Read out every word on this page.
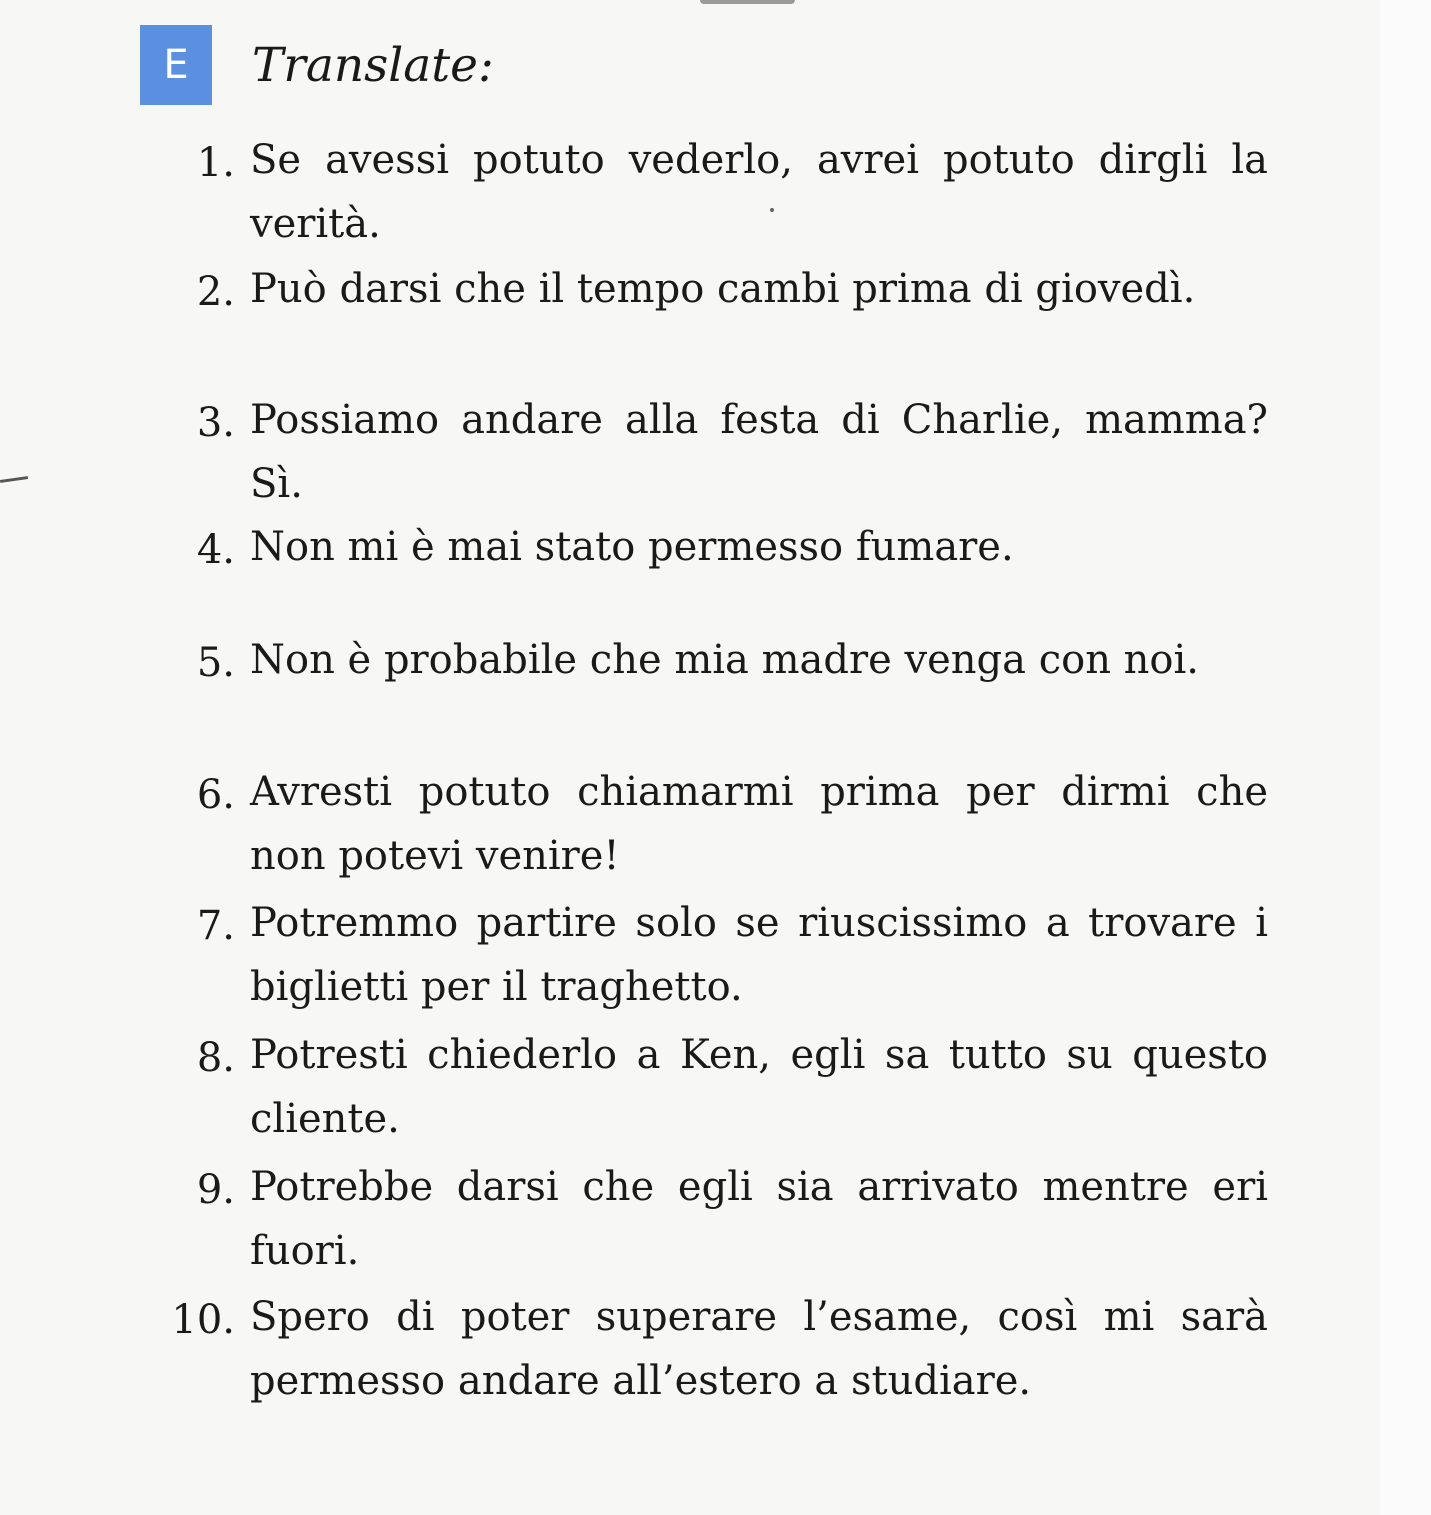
E	Translate:
1. Se avessi potuto vederlo, avrei potuto dirgli la verità.
2. Può darsi che il tempo cambi prima di giovedì.
3. Possiamo andare alla festa di Charlie, mamma? Sì.
4. Non mi è mai stato permesso fumare.
5. Non è probabile che mia madre venga con noi.
6. Avresti potuto chiamarmi prima per dirmi che non potevi venire!
7. Potremmo partire solo se riuscissimo a trovare i biglietti per il traghetto.
8. Potresti chiederlo a Ken, egli sa tutto su questo cliente.
9. Potrebbe darsi che egli sia arrivato mentre eri fuori.
10. Spero di poter superare l’esame, così mi sarà permesso andare all’estero a studiare.
